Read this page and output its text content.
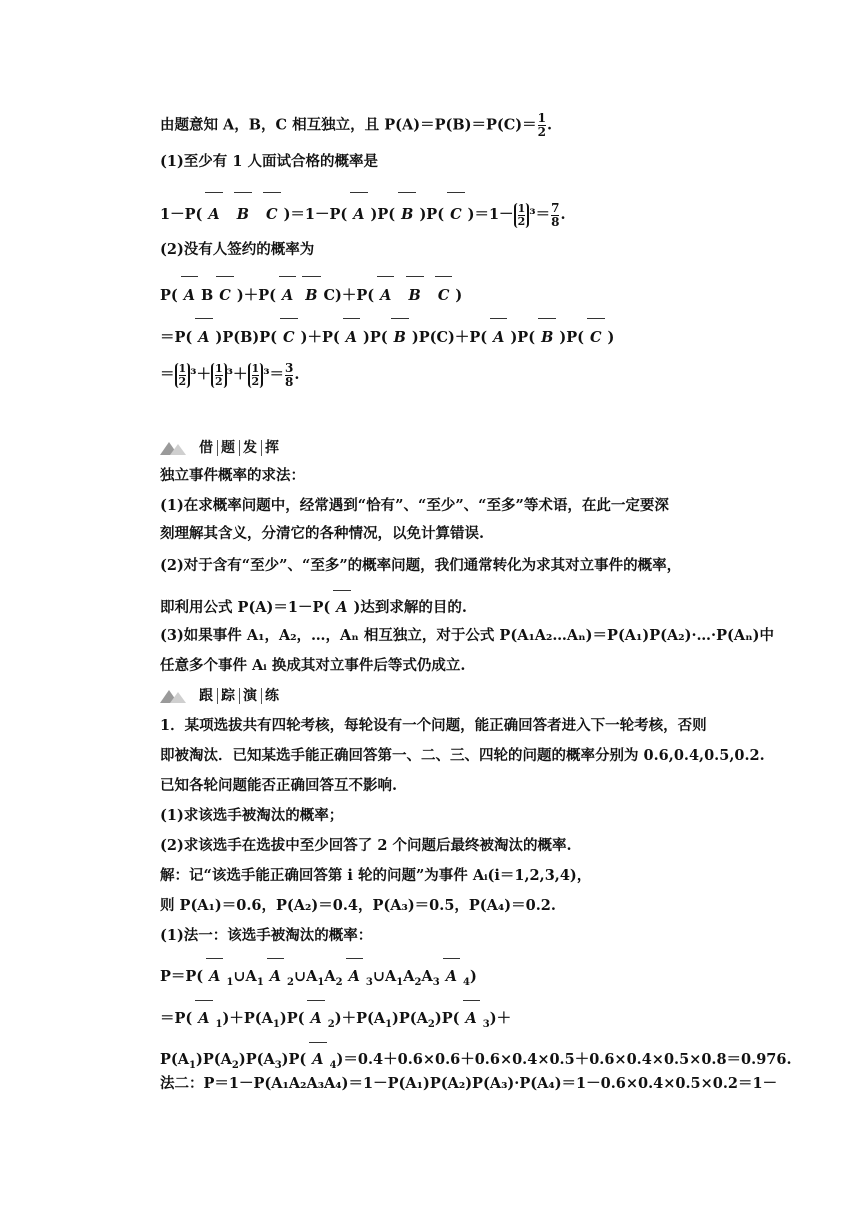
由题意知 A，B，C 相互独立，且 $P(A)=P(B)=P(C)= \frac{1}{2}$ .
(1)至少有 1 人面试合格的概率是
1－P( A B C )＝1－P( A )P( B )P( C )$=1- \frac{1}{2} ^3= \frac{7}{8}$ .
(2)没有人签约的概率为
P( A B C )＋P( A B C)＋P( A B C )
＝P( A )P(B)P( C )＋P( A )P( B )P(C)＋P( A )P( B )P( C )
＝ $\frac{1}{2} ^3+ \frac{1}{2} ^3+ \frac{1}{2} ^3= \frac{3}{8}$ .
借 题 发 挥
独立事件概率的求法：
(1)在求概率问题中，经常遇到“恰有”、“至少”、“至多”等术语，在此一定要深
刻理解其含义，分清它的各种情况，以免计算错误.
(2)对于含有“至少”、“至多”的概率问题，我们通常转化为求其对立事件的概率，
即利用公式 P(A)＝1－P( A )达到求解的目的.
(3)如果事件 A₁，A₂，…，Aₙ 相互独立，对于公式 P(A₁A₂…Aₙ)＝P(A₁)P(A₂)·…·P(Aₙ)中
任意多个事件 Aᵢ 换成其对立事件后等式仍成立.
跟 踪 演 练
1．某项选拔共有四轮考核，每轮设有一个问题，能正确回答者进入下一轮考核，否则
即被淘汰．已知某选手能正确回答第一、二、三、四轮的问题的概率分别为 0.6,0.4,0.5,0.2.
已知各轮问题能否正确回答互不影响.
(1)求该选手被淘汰的概率；
(2)求该选手在选拔中至少回答了 2 个问题后最终被淘汰的概率.
解：记“该选手能正确回答第 i 轮的问题”为事件 Aᵢ(i＝1,2,3,4)，
则 P(A₁)＝0.6，P(A₂)＝0.4，P(A₃)＝0.5，P(A₄)＝0.2.
(1)法一：该选手被淘汰的概率：
P＝P( A $_1\cup A_1$ A $_2\cup A_1A_2$ A $_3\cup A_1A_2A_3$ A $_4$)
＝P( A $_1)+P(A_1)P$( A $_2)+P(A_1)P(A_2)P$( A $_3$)＋
$P(A_1)P(A_2)P(A_3)P$( A $_4$)＝0.4＋0.6×0.6＋0.6×0.4×0.5＋0.6×0.4×0.5×0.8＝0.976.
法二：P＝1－P(A₁A₂A₃A₄)＝1－P(A₁)P(A₂)P(A₃)·P(A₄)＝1－0.6×0.4×0.5×0.2＝1－
